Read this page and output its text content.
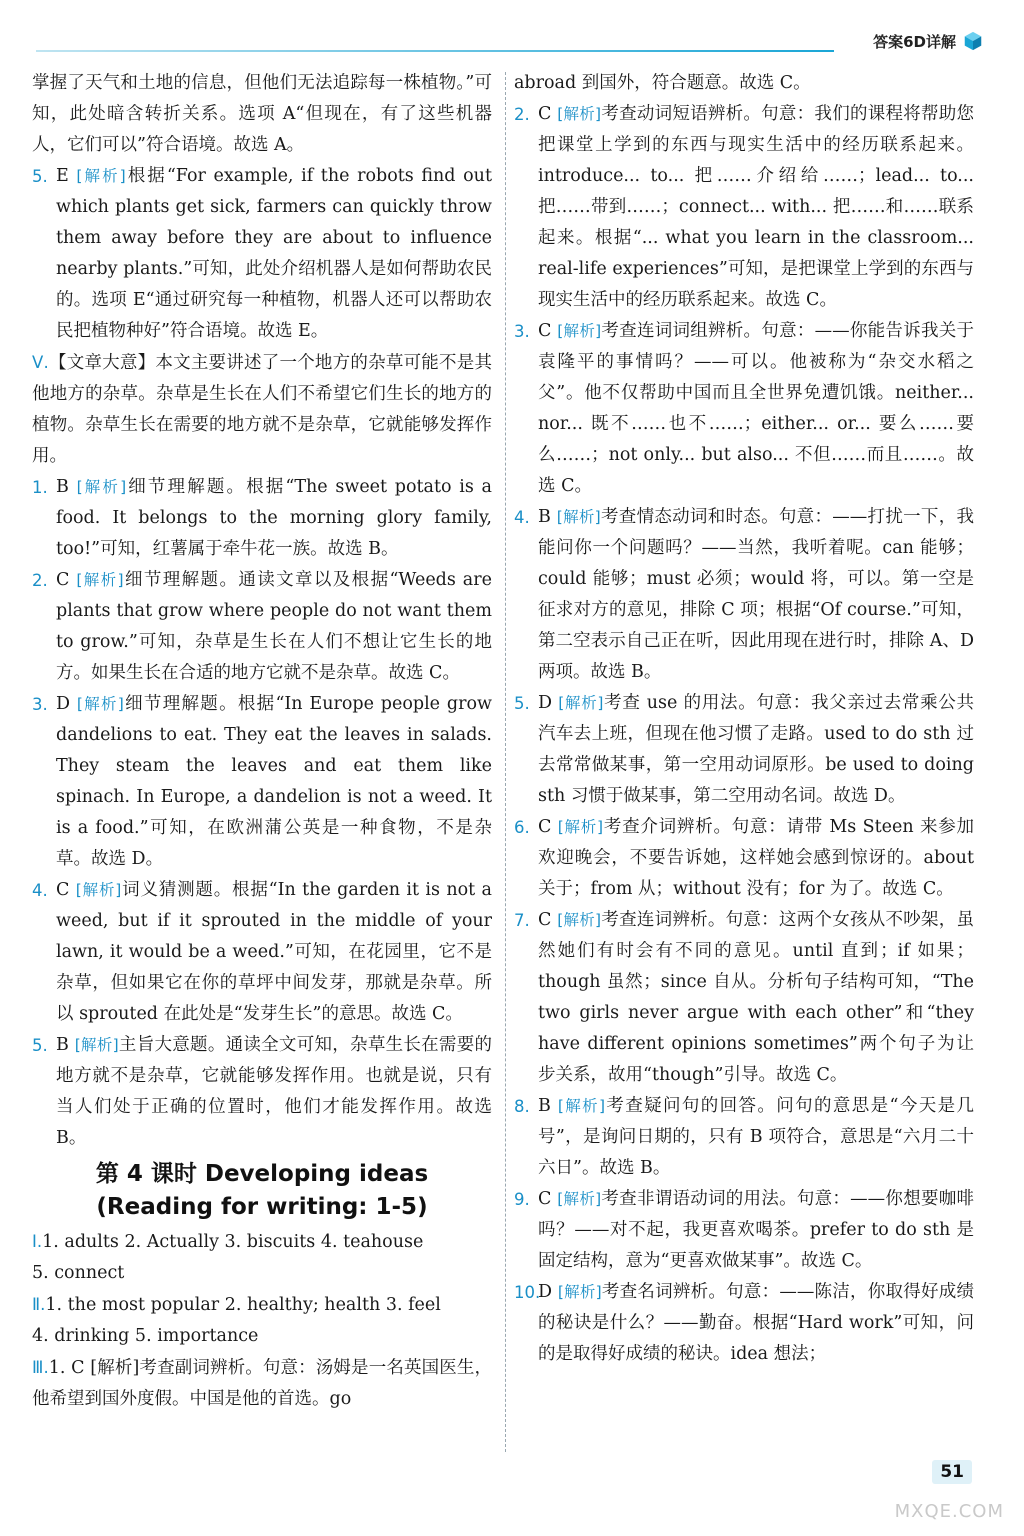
答案6D详解
掌握了天气和土地的信息，但他们无法追踪每一株植物。”可知，此处暗含转折关系。选项 A“但现在，有了这些机器人，它们可以”符合语境。故选 A。
5. E [解析]根据“For example, if the robots find out which plants get sick, farmers can quickly throw them away before they are about to influence nearby plants.”可知，此处介绍机器人是如何帮助农民的。选项 E“通过研究每一种植物，机器人还可以帮助农民把植物种好”符合语境。故选 E。
Ⅴ.【文章大意】本文主要讲述了一个地方的杂草可能不是其他地方的杂草。杂草是生长在人们不希望它们生长的地方的植物。杂草生长在需要的地方就不是杂草，它就能够发挥作用。
1. B [解析]细节理解题。根据“The sweet potato is a food. It belongs to the morning glory family, too!”可知，红薯属于牵牛花一族。故选 B。
2. C [解析]细节理解题。通读文章以及根据“Weeds are plants that grow where people do not want them to grow.”可知，杂草是生长在人们不想让它生长的地方。如果生长在合适的地方它就不是杂草。故选 C。
3. D [解析]细节理解题。根据“In Europe people grow dandelions to eat. They eat the leaves in salads. They steam the leaves and eat them like spinach. In Europe, a dandelion is not a weed. It is a food.”可知，在欧洲蒲公英是一种食物，不是杂草。故选 D。
4. C [解析]词义猜测题。根据“In the garden it is not a weed, but if it sprouted in the middle of your lawn, it would be a weed.”可知，在花园里，它不是杂草，但如果它在你的草坪中间发芽，那就是杂草。所以 sprouted 在此处是“发芽生长”的意思。故选 C。
5. B [解析]主旨大意题。通读全文可知，杂草生长在需要的地方就不是杂草，它就能够发挥作用。也就是说，只有当人们处于正确的位置时，他们才能发挥作用。故选 B。
第 4 课时 Developing ideas
(Reading for writing: 1-5)
Ⅰ.1. adults 2. Actually 3. biscuits 4. teahouse
5. connect
Ⅱ.1. the most popular 2. healthy; health 3. feel
4. drinking 5. importance
Ⅲ.1. C [解析]考查副词辨析。句意：汤姆是一名英国医生，他希望到国外度假。中国是他的首选。go
abroad 到国外，符合题意。故选 C。
2. C [解析]考查动词短语辨析。句意：我们的课程将帮助您把课堂上学到的东西与现实生活中的经历联系起来。introduce... to... 把……介绍给……；lead... to... 把……带到……；connect... with... 把……和……联系起来。根据“... what you learn in the classroom... real-life experiences”可知，是把课堂上学到的东西与现实生活中的经历联系起来。故选 C。
3. C [解析]考查连词词组辨析。句意：——你能告诉我关于袁隆平的事情吗？——可以。他被称为“杂交水稻之父”。他不仅帮助中国而且全世界免遭饥饿。neither... nor... 既不……也不……；either... or... 要么……要么……；not only... but also... 不但……而且……。故选 C。
4. B [解析]考查情态动词和时态。句意：——打扰一下，我能问你一个问题吗？——当然，我听着呢。can 能够；could 能够；must 必须；would 将，可以。第一空是征求对方的意见，排除 C 项；根据“Of course.”可知，第二空表示自己正在听，因此用现在进行时，排除 A、D 两项。故选 B。
5. D [解析]考查 use 的用法。句意：我父亲过去常乘公共汽车去上班，但现在他习惯了走路。used to do sth 过去常常做某事，第一空用动词原形。be used to doing sth 习惯于做某事，第二空用动名词。故选 D。
6. C [解析]考查介词辨析。句意：请带 Ms Steen 来参加欢迎晚会，不要告诉她，这样她会感到惊讶的。about 关于；from 从；without 没有；for 为了。故选 C。
7. C [解析]考查连词辨析。句意：这两个女孩从不吵架，虽然她们有时会有不同的意见。until 直到；if 如果；though 虽然；since 自从。分析句子结构可知，“The two girls never argue with each other”和“they have different opinions sometimes”两个句子为让步关系，故用“though”引导。故选 C。
8. B [解析]考查疑问句的回答。问句的意思是“今天是几号”，是询问日期的，只有 B 项符合，意思是“六月二十六日”。故选 B。
9. C [解析]考查非谓语动词的用法。句意：——你想要咖啡吗？——对不起，我更喜欢喝茶。prefer to do sth 是固定结构，意为“更喜欢做某事”。故选 C。
10.
D [解析]考查名词辨析。句意：——陈洁，你取得好成绩的秘诀是什么？——勤奋。根据“Hard work”可知，问的是取得好成绩的秘诀。idea 想法；
51
MXQE.COM
